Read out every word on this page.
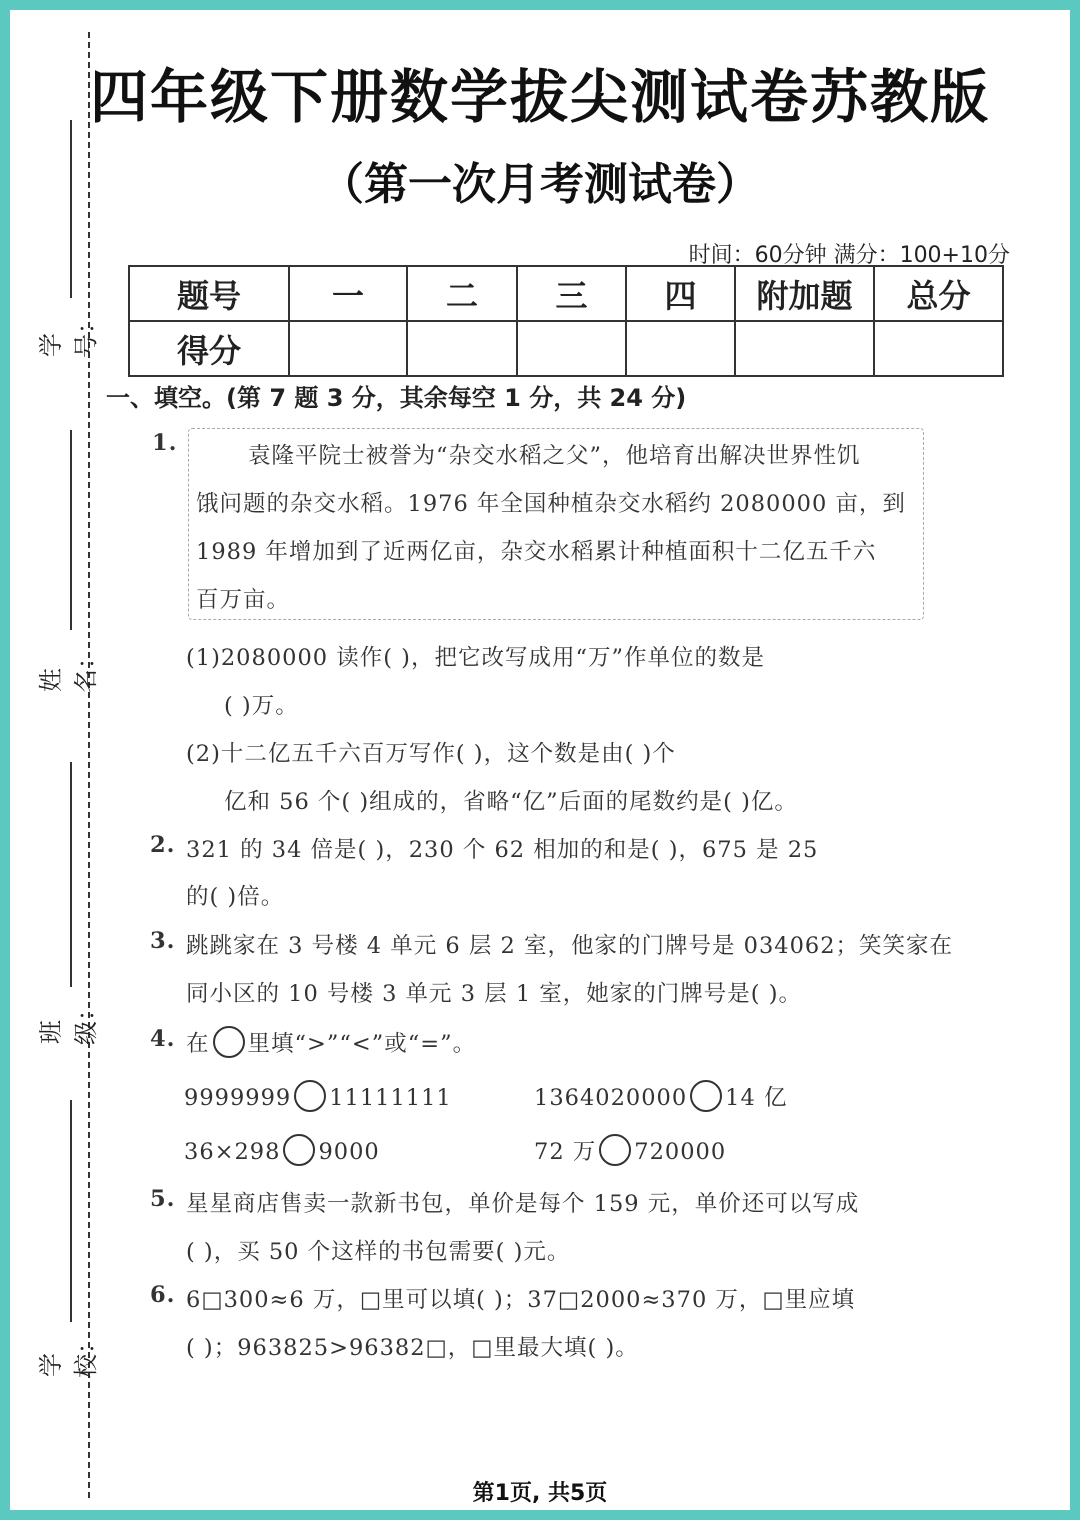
学号：
姓名：
班级：
学校：
四年级下册数学拔尖测试卷苏教版
（第一次月考测试卷）
时间：60分钟 满分：100+10分
题号	一	二	三	四	附加题	总分
得分						
一、填空。(第 7 题 3 分，其余每空 1 分，共 24 分)
1.	袁隆平院士被誉为“杂交水稻之父”，他培育出解决世界性饥
饿问题的杂交水稻。1976 年全国种植杂交水稻约 2080000 亩，到
1989 年增加到了近两亿亩，杂交水稻累计种植面积十二亿五千六
百万亩。
(1)2080000 读作( )，把它改写成用“万”作单位的数是
( )万。
(2)十二亿五千六百万写作( )，这个数是由( )个
亿和 56 个( )组成的，省略“亿”后面的尾数约是( )亿。
2. 321 的 34 倍是( )，230 个 62 相加的和是( )，675 是 25
的( )倍。
3. 跳跳家在 3 号楼 4 单元 6 层 2 室，他家的门牌号是 034062；笑笑家在
同小区的 10 号楼 3 单元 3 层 1 室，她家的门牌号是( )。
4. 在 里填“>”“<”或“=”。
9999999 11111111	1364020000 14 亿
36×298 9000	72 万 720000
5. 星星商店售卖一款新书包，单价是每个 159 元，单价还可以写成
( )，买 50 个这样的书包需要( )元。
6. 6□300≈6 万，□里可以填( )；37□2000≈370 万，□里应填
( )；963825>96382□，□里最大填( )。
第1页, 共5页
